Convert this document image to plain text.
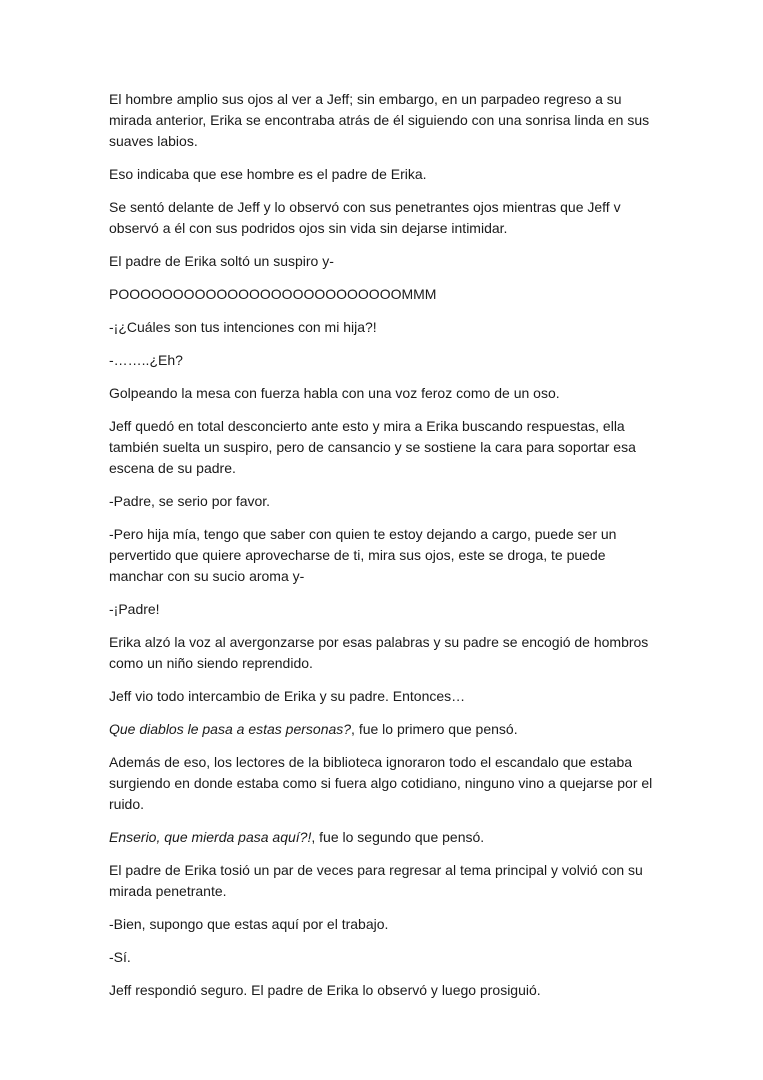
El hombre amplio sus ojos al ver a Jeff; sin embargo, en un parpadeo regreso a su mirada anterior, Erika se encontraba atrás de él siguiendo con una sonrisa linda en sus suaves labios.

Eso indicaba que ese hombre es el padre de Erika.

Se sentó delante de Jeff y lo observó con sus penetrantes ojos mientras que Jeff v observó a él con sus podridos ojos sin vida sin dejarse intimidar.

El padre de Erika soltó un suspiro y-

POOOOOOOOOOOOOOOOOOOOOOOOOOMMM

-¡¿Cuáles son tus intenciones con mi hija?!

-……..¿Eh?

Golpeando la mesa con fuerza habla con una voz feroz como de un oso.

Jeff quedó en total desconcierto ante esto y mira a Erika buscando respuestas, ella también suelta un suspiro, pero de cansancio y se sostiene la cara para soportar esa escena de su padre.

-Padre, se serio por favor.

-Pero hija mía, tengo que saber con quien te estoy dejando a cargo, puede ser un pervertido que quiere aprovecharse de ti, mira sus ojos, este se droga, te puede manchar con su sucio aroma y-

-¡Padre!

Erika alzó la voz al avergonzarse por esas palabras y su padre se encogió de hombros como un niño siendo reprendido.

Jeff vio todo intercambio de Erika y su padre. Entonces…

Que diablos le pasa a estas personas?, fue lo primero que pensó.

Además de eso, los lectores de la biblioteca ignoraron todo el escandalo que estaba surgiendo en donde estaba como si fuera algo cotidiano, ninguno vino a quejarse por el ruido.

Enserio, que mierda pasa aquí?!, fue lo segundo que pensó.

El padre de Erika tosió un par de veces para regresar al tema principal y volvió con su mirada penetrante.

-Bien, supongo que estas aquí por el trabajo.

-Sí.

Jeff respondió seguro. El padre de Erika lo observó y luego prosiguió.
